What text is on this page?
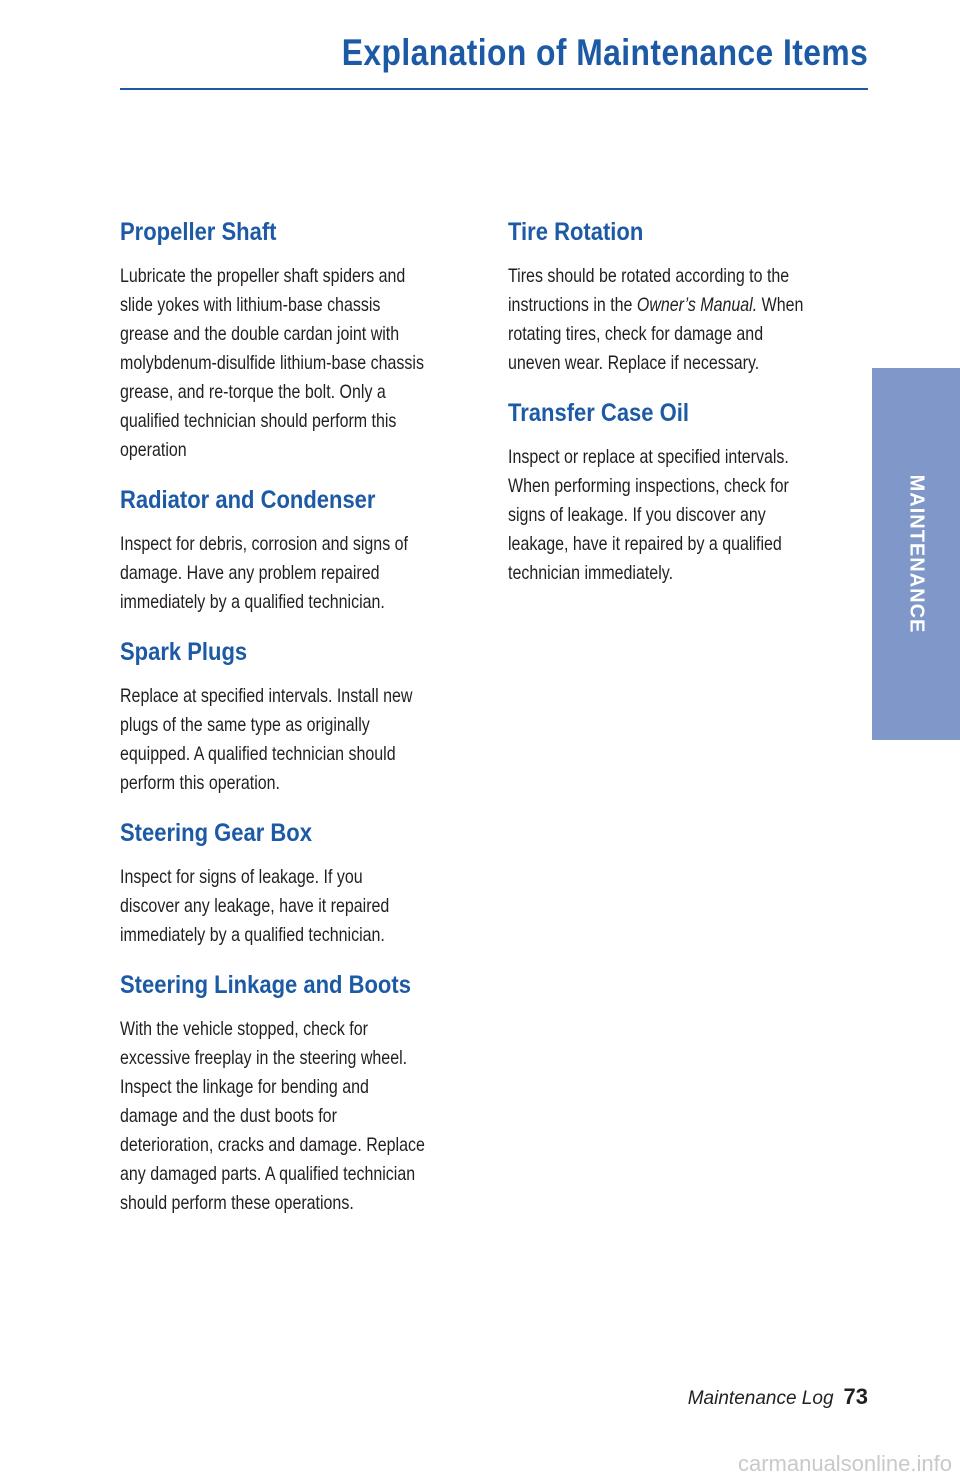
Explanation of Maintenance Items
Propeller Shaft

Lubricate the propeller shaft spiders and
slide yokes with lithium-base chassis
grease and the double cardan joint with
molybdenum-disulfide lithium-base chassis
grease, and re-torque the bolt. Only a
qualified technician should perform this
operation

Radiator and Condenser

Inspect for debris, corrosion and signs of
damage. Have any problem repaired
immediately by a qualified technician.

Spark Plugs

Replace at specified intervals. Install new
plugs of the same type as originally
equipped. A qualified technician should
perform this operation.

Steering Gear Box

Inspect for signs of leakage. If you
discover any leakage, have it repaired
immediately by a qualified technician.

Steering Linkage and Boots

With the vehicle stopped, check for
excessive freeplay in the steering wheel.
Inspect the linkage for bending and
damage and the dust boots for
deterioration, cracks and damage. Replace
any damaged parts. A qualified technician
should perform these operations.

Tire Rotation

Tires should be rotated according to the
instructions in the Owner’s Manual. When
rotating tires, check for damage and
uneven wear. Replace if necessary.

Transfer Case Oil

Inspect or replace at specified intervals.
When performing inspections, check for
signs of leakage. If you discover any
leakage, have it repaired by a qualified
technician immediately.	MAINTENANCE
Maintenance Log 73
carmanualsonline.info
